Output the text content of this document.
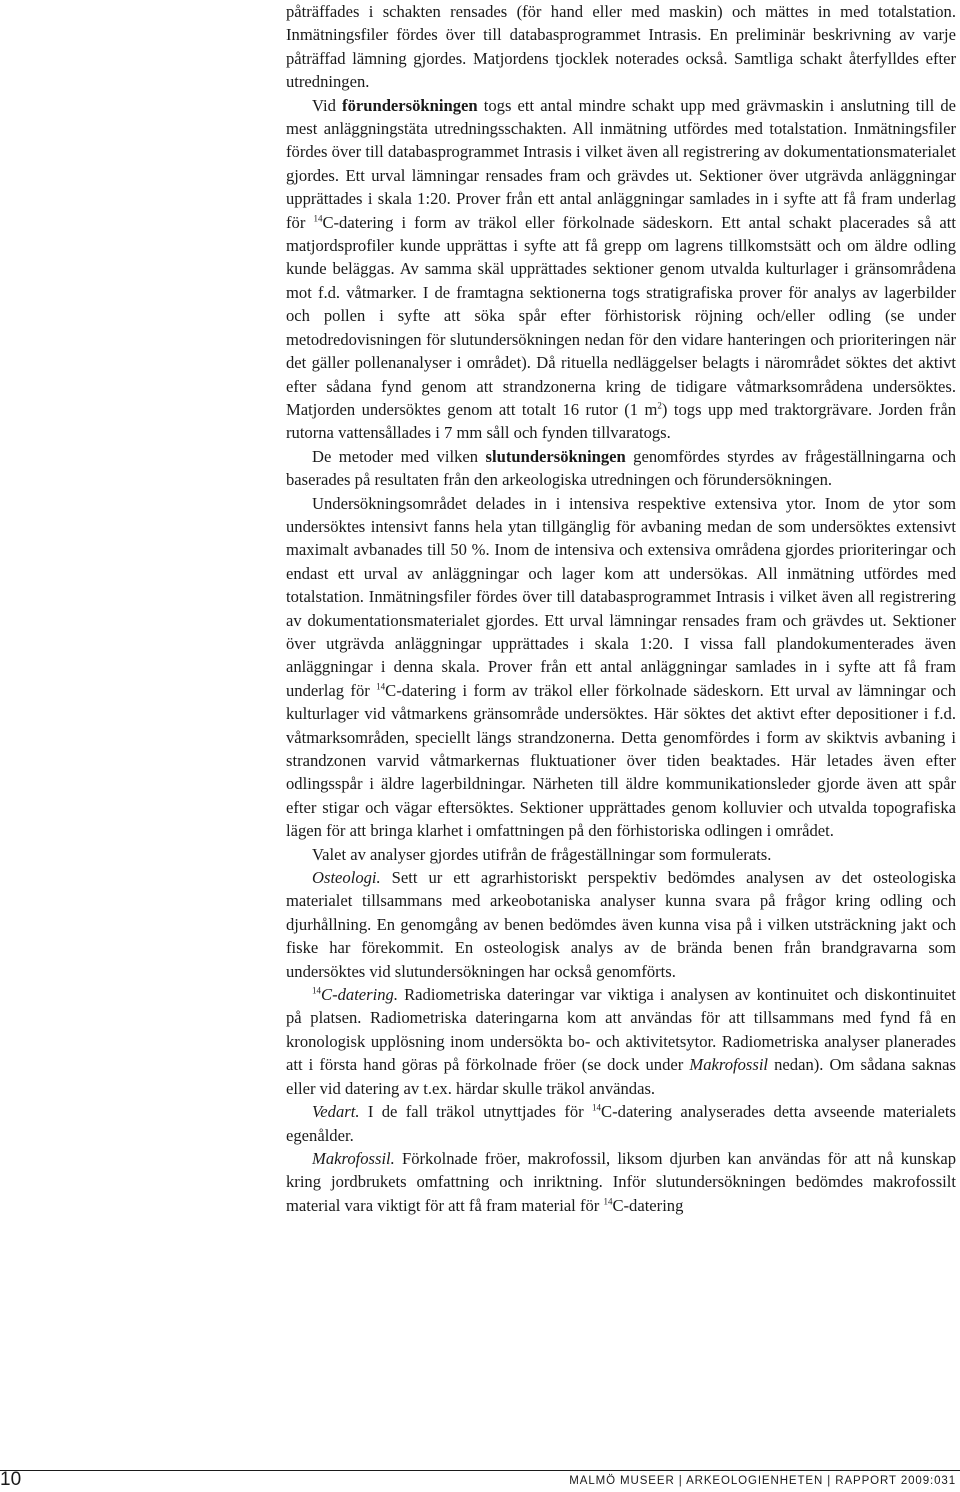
påträffades i schakten rensades (för hand eller med maskin) och mättes in med totalstation. Inmätningsfiler fördes över till databasprogrammet Intrasis. En preliminär beskrivning av varje påträffad lämning gjordes. Matjordens tjocklek noterades också. Samtliga schakt återfylldes efter utredningen.

Vid förundersökningen togs ett antal mindre schakt upp med grävmaskin i anslutning till de mest anläggningstäta utredningsschakten. All inmätning utfördes med totalstation. Inmätningsfiler fördes över till databasprogrammet Intrasis i vilket även all registrering av dokumentationsmaterialet gjordes. Ett urval lämningar rensades fram och grävdes ut. Sektioner över utgrävda anläggningar upprättades i skala 1:20. Prover från ett antal anläggningar samlades in i syfte att få fram underlag för $^{14}$C-datering i form av träkol eller förkolnade sädeskorn. Ett antal schakt placerades så att matjordsprofiler kunde upprättas i syfte att få grepp om lagrens tillkomstsätt och om äldre odling kunde beläggas. Av samma skäl upprättades sektioner genom utvalda kulturlager i gränsområdena mot f.d. våtmarker. I de framtagna sektionerna togs stratigrafiska prover för analys av lagerbilder och pollen i syfte att söka spår efter förhistorisk röjning och/eller odling (se under metodredovisningen för slutundersökningen nedan för den vidare hanteringen och prioriteringen när det gäller pollenanalyser i området). Då rituella nedläggelser belagts i närområdet söktes det aktivt efter sådana fynd genom att strandzonerna kring de tidigare våtmarksområdena undersöktes. Matjorden undersöktes genom att totalt 16 rutor (1 $m^2$) togs upp med traktorgrävare. Jorden från rutorna vattensållades i 7 mm såll och fynden tillvaratogs.

De metoder med vilken slutundersökningen genomfördes styrdes av frågeställningarna och baserades på resultaten från den arkeologiska utredningen och förundersökningen.

Undersökningsområdet delades in i intensiva respektive extensiva ytor. Inom de ytor som undersöktes intensivt fanns hela ytan tillgänglig för avbaning medan de som undersöktes extensivt maximalt avbanades till 50 %. Inom de intensiva och extensiva områdena gjordes prioriteringar och endast ett urval av anläggningar och lager kom att undersökas. All inmätning utfördes med totalstation. Inmätningsfiler fördes över till databasprogrammet Intrasis i vilket även all registrering av dokumentationsmaterialet gjordes. Ett urval lämningar rensades fram och grävdes ut. Sektioner över utgrävda anläggningar upprättades i skala 1:20. I vissa fall plandokumenterades även anläggningar i denna skala. Prover från ett antal anläggningar samlades in i syfte att få fram underlag för $^{14}$C-datering i form av träkol eller förkolnade sädeskorn. Ett urval av lämningar och kulturlager vid våtmarkens gränsområde undersöktes. Här söktes det aktivt efter depositioner i f.d. våtmarksområden, speciellt längs strandzonerna. Detta genomfördes i form av skiktvis avbaning i strandzonen varvid våtmarkernas fluktuationer över tiden beaktades. Här letades även efter odlingsspår i äldre lagerbildningar. Närheten till äldre kommunikationsleder gjorde även att spår efter stigar och vägar eftersöktes. Sektioner upprättades genom kolluvier och utvalda topografiska lägen för att bringa klarhet i omfattningen på den förhistoriska odlingen i området.

Valet av analyser gjordes utifrån de frågeställningar som formulerats.

Osteologi. Sett ur ett agrarhistoriskt perspektiv bedömdes analysen av det osteologiska materialet tillsammans med arkeobotaniska analyser kunna svara på frågor kring odling och djurhållning. En genomgång av benen bedömdes även kunna visa på i vilken utsträckning jakt och fiske har förekommit. En osteologisk analys av de brända benen från brandgravarna som undersöktes vid slutundersökningen har också genomförts.

$^{14}$C-datering. Radiometriska dateringar var viktiga i analysen av kontinuitet och diskontinuitet på platsen. Radiometriska dateringarna kom att användas för att tillsammans med fynd få en kronologisk upplösning inom undersökta bo- och aktivitetsytor. Radiometriska analyser planerades att i första hand göras på förkolnade fröer (se dock under Makrofossil nedan). Om sådana saknas eller vid datering av t.ex. härdar skulle träkol användas.

Vedart. I de fall träkol utnyttjades för $^{14}$C-datering analyserades detta avseende materialets egenålder.

Makrofossil. Förkolnade fröer, makrofossil, liksom djurben kan användas för att nå kunskap kring jordbrukets omfattning och inriktning. Inför slutundersökningen bedömdes makrofossilt material vara viktigt för att få fram material för $^{14}$C-datering

10	MALMÖ MUSEER | ARKEOLOGIENHETEN | RAPPORT 2009:031
